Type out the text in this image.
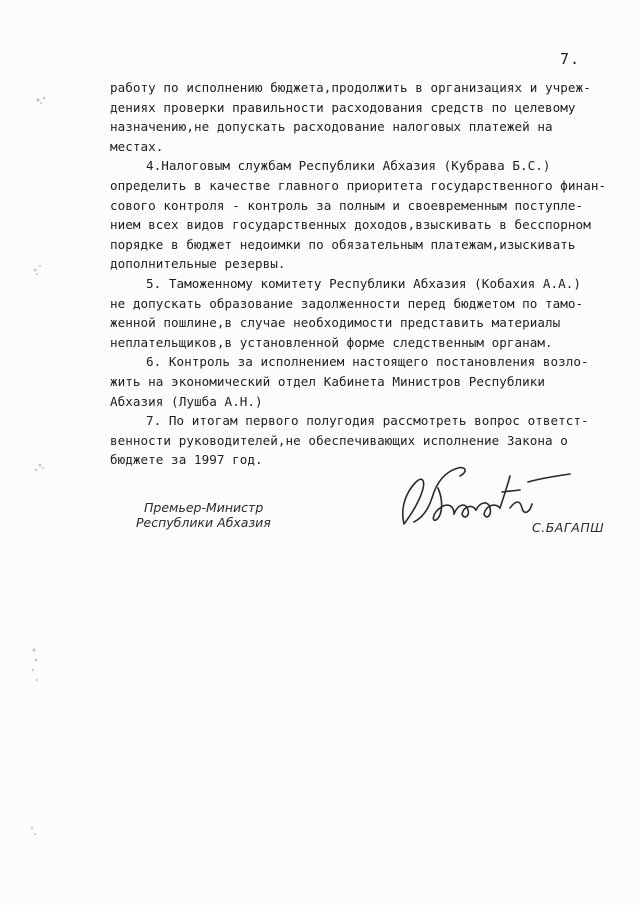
7.
работу по исполнению бюджета,продолжить в организациях и учреж-
дениях проверки правильности расходования средств по целевому
назначению,не допускать расходование налоговых платежей на
местах.
4.Налоговым службам Республики Абхазия (Кубрава Б.С.)
определить в качестве главного приоритета государственного финан-
сового контроля - контроль за полным и своевременным поступле-
нием всех видов государственных доходов,взыскивать в бесспорном
порядке в бюджет недоимки по обязательным платежам,изыскивать
дополнительные резервы.
5. Таможенному комитету Республики Абхазия (Кобахия А.А.)
не допускать образование задолженности перед бюджетом по тамо-
женной пошлине,в случае необходимости представить материалы
неплательщиков,в установленной форме следственным органам.
6. Контроль за исполнением настоящего постановления возло-
жить на экономический отдел Кабинета Министров Республики
Абхазия (Лушба А.Н.)
7. По итогам первого полугодия рассмотреть вопрос ответст-
венности руководителей,не обеспечивающих исполнение Закона о
бюджете за 1997 год.
Премьер-Министр
Республики Абхазия	С.БАГАПШ
